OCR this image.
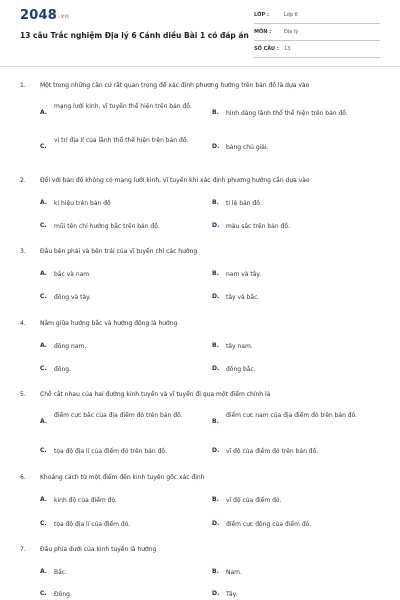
2048.vn
13 câu Trắc nghiệm Địa lý 6 Cánh diều Bài 1 có đáp án
LỚP :	Lớp 6
MÔN :	Địa lý
SỐ CÂU : 13
1. Một trong những căn cứ rất quan trọng để xác định phương hướng trên bản đồ là dựa vào
A.
mạng lưới kinh, vĩ tuyến thể hiện trên bản đồ.
B. hình dáng lãnh thổ thể hiện trên bản đồ.
C.
vị trí địa lí của lãnh thổ thể hiện trên bản đồ.
D. bảng chú giải.
2. Đối với bản đồ không có mạng lưới kinh, vĩ tuyến khi xác định phương hướng cần dựa vào
A. kí hiệu trên bản đồ	B. tỉ lệ bản đồ.
C. mũi tên chỉ hướng bắc trên bản đồ.	D. màu sắc trên bản đồ.
3. Đầu bên phải và bên trái của vĩ tuyến chỉ các hướng
A. bắc và nam	B. nam và tây.
C. đông và tây.	D. tây và bắc.
4. Nằm giữa hướng bắc và hướng đông là hướng
A. đông nam.	B. tây nam.
C. đông.	D. đông bắc.
5. Chỗ cắt nhau của hai đường kinh tuyến và vĩ tuyến đi qua một điểm chính là
A.
điểm cực bắc của địa điểm đó trên bản đồ.
B.
điểm cực nam của địa điểm đó trên bản đồ.
C. tọa độ địa lí của điểm đó trên bản đồ.	D. vĩ độ của điểm đó trên bản đồ.
6. Khoảng cách từ một điểm đến kinh tuyến gốc xác định
A. kinh độ của điểm đó.	B. vĩ độ của điểm đó.
C. tọa độ địa lí của điểm đó.	D. điểm cực đông của điểm đó.
7. Đầu phía dưới của kinh tuyến là hướng
A. Bắc.	B. Nam.
C. Đông.	D. Tây.
